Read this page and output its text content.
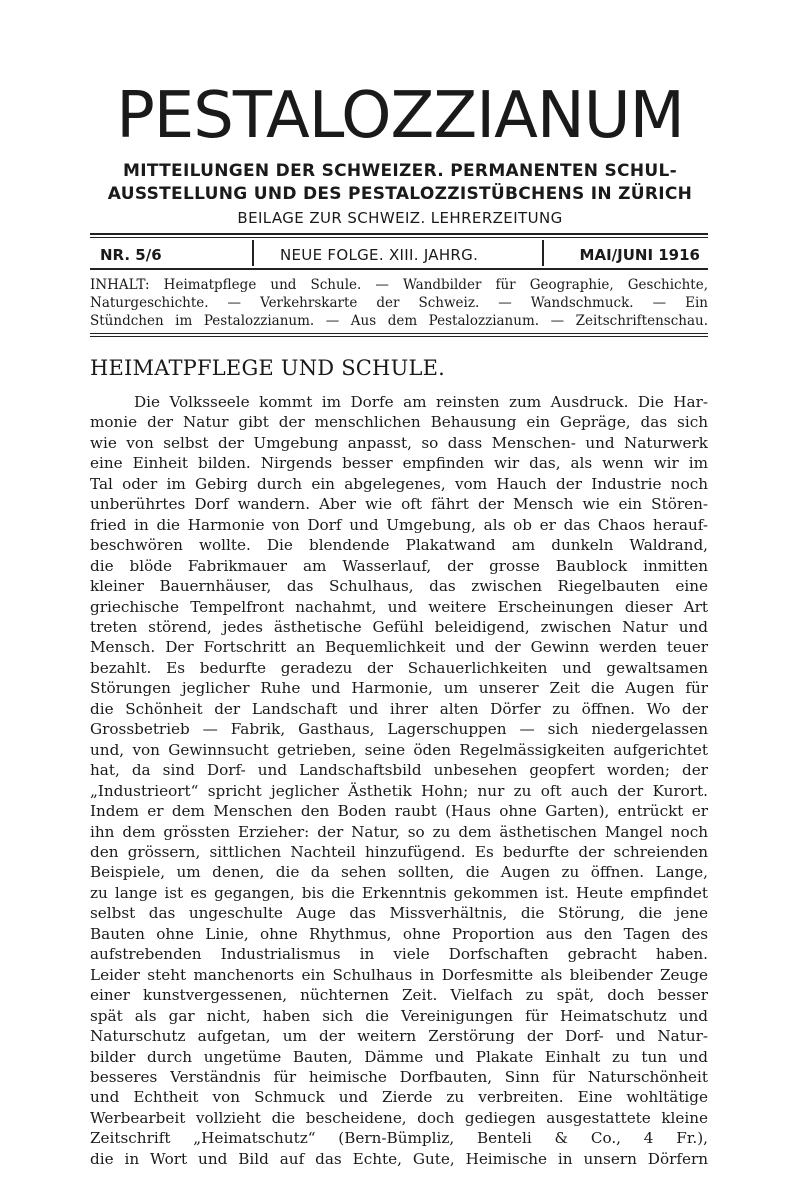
PESTALOZZIANUM
MITTEILUNGEN DER SCHWEIZER. PERMANENTEN SCHUL-
AUSSTELLUNG UND DES PESTALOZZISTÜBCHENS IN ZÜRICH
BEILAGE ZUR SCHWEIZ. LEHRERZEITUNG
NR. 5/6	NEUE FOLGE. XIII. JAHRG.	MAI/JUNI 1916
INHALT: Heimatpflege und Schule. — Wandbilder für Geographie, Geschichte,
Naturgeschichte. — Verkehrskarte der Schweiz. — Wandschmuck. — Ein
Stündchen im Pestalozzianum. — Aus dem Pestalozzianum. — Zeitschriftenschau.
HEIMATPFLEGE UND SCHULE.
Die Volksseele kommt im Dorfe am reinsten zum Ausdruck. Die Har-
monie der Natur gibt der menschlichen Behausung ein Gepräge, das sich
wie von selbst der Umgebung anpasst, so dass Menschen- und Naturwerk
eine Einheit bilden. Nirgends besser empfinden wir das, als wenn wir im
Tal oder im Gebirg durch ein abgelegenes, vom Hauch der Industrie noch
unberührtes Dorf wandern. Aber wie oft fährt der Mensch wie ein Stören-
fried in die Harmonie von Dorf und Umgebung, als ob er das Chaos herauf-
beschwören wollte. Die blendende Plakatwand am dunkeln Waldrand,
die blöde Fabrikmauer am Wasserlauf, der grosse Baublock inmitten
kleiner Bauernhäuser, das Schulhaus, das zwischen Riegelbauten eine
griechische Tempelfront nachahmt, und weitere Erscheinungen dieser Art
treten störend, jedes ästhetische Gefühl beleidigend, zwischen Natur und
Mensch. Der Fortschritt an Bequemlichkeit und der Gewinn werden teuer
bezahlt. Es bedurfte geradezu der Schauerlichkeiten und gewaltsamen
Störungen jeglicher Ruhe und Harmonie, um unserer Zeit die Augen für
die Schönheit der Landschaft und ihrer alten Dörfer zu öffnen. Wo der
Grossbetrieb — Fabrik, Gasthaus, Lagerschuppen — sich niedergelassen
und, von Gewinnsucht getrieben, seine öden Regelmässigkeiten aufgerichtet
hat, da sind Dorf- und Landschaftsbild unbesehen geopfert worden; der
„Industrieort“ spricht jeglicher Ästhetik Hohn; nur zu oft auch der Kurort.
Indem er dem Menschen den Boden raubt (Haus ohne Garten), entrückt er
ihn dem grössten Erzieher: der Natur, so zu dem ästhetischen Mangel noch
den grössern, sittlichen Nachteil hinzufügend. Es bedurfte der schreienden
Beispiele, um denen, die da sehen sollten, die Augen zu öffnen. Lange,
zu lange ist es gegangen, bis die Erkenntnis gekommen ist. Heute empfindet
selbst das ungeschulte Auge das Missverhältnis, die Störung, die jene
Bauten ohne Linie, ohne Rhythmus, ohne Proportion aus den Tagen des
aufstrebenden Industrialismus in viele Dorfschaften gebracht haben.
Leider steht manchenorts ein Schulhaus in Dorfesmitte als bleibender Zeuge
einer kunstvergessenen, nüchternen Zeit. Vielfach zu spät, doch besser
spät als gar nicht, haben sich die Vereinigungen für Heimatschutz und
Naturschutz aufgetan, um der weitern Zerstörung der Dorf- und Natur-
bilder durch ungetüme Bauten, Dämme und Plakate Einhalt zu tun und
besseres Verständnis für heimische Dorfbauten, Sinn für Naturschönheit
und Echtheit von Schmuck und Zierde zu verbreiten. Eine wohltätige
Werbearbeit vollzieht die bescheidene, doch gediegen ausgestattete kleine
Zeitschrift „Heimatschutz“ (Bern-Bümpliz, Benteli & Co., 4 Fr.),
die in Wort und Bild auf das Echte, Gute, Heimische in unsern Dörfern
